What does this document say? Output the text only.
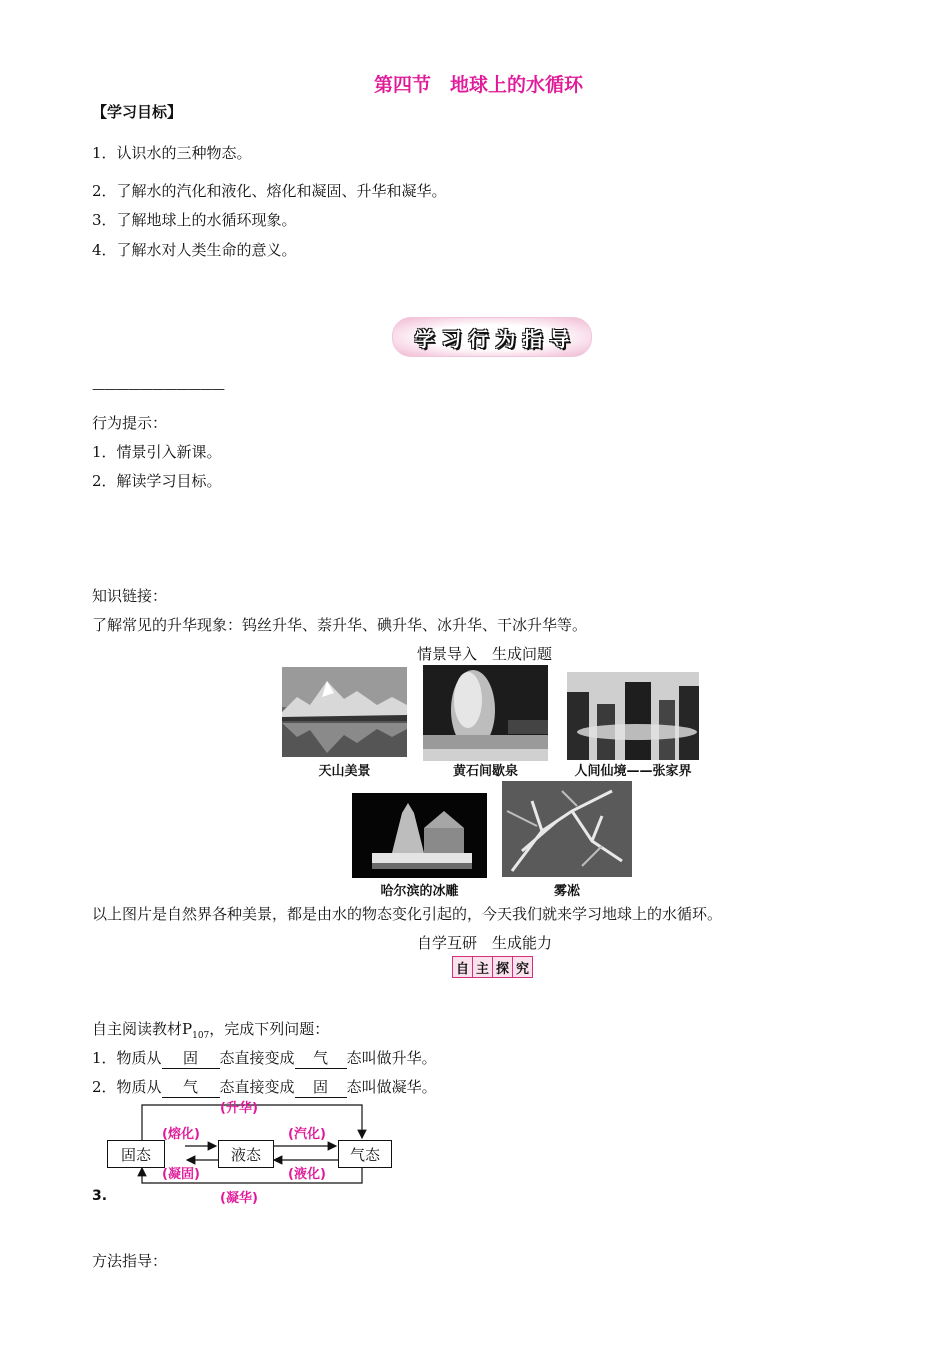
第四节　地球上的水循环
【学习目标】
1．认识水的三种物态。
2．了解水的汽化和液化、熔化和凝固、升华和凝华。
3．了解地球上的水循环现象。
4．了解水对人类生命的意义。
学习行为指导
———————————
行为提示：
1．情景引入新课。
2．解读学习目标。
知识链接：
了解常见的升华现象：钨丝升华、萘升华、碘升华、冰升华、干冰升华等。
情景导入　生成问题
天山美景	黄石间歇泉	人间仙境——张家界
哈尔滨的冰雕	雾凇
以上图片是自然界各种美景，都是由水的物态变化引起的，今天我们就来学习地球上的水循环。
自学互研　生成能力
自 主 探 究
自主阅读教材$P_{107}$，完成下列问题：
1．物质从 固 态直接变成 气 态叫做升华。
2．物质从 气 态直接变成 固 态叫做凝华。
固态	液态	气态
(升华)
(熔化)	(汽化)
(凝固)	(液化)
(凝华)
3.
方法指导：
